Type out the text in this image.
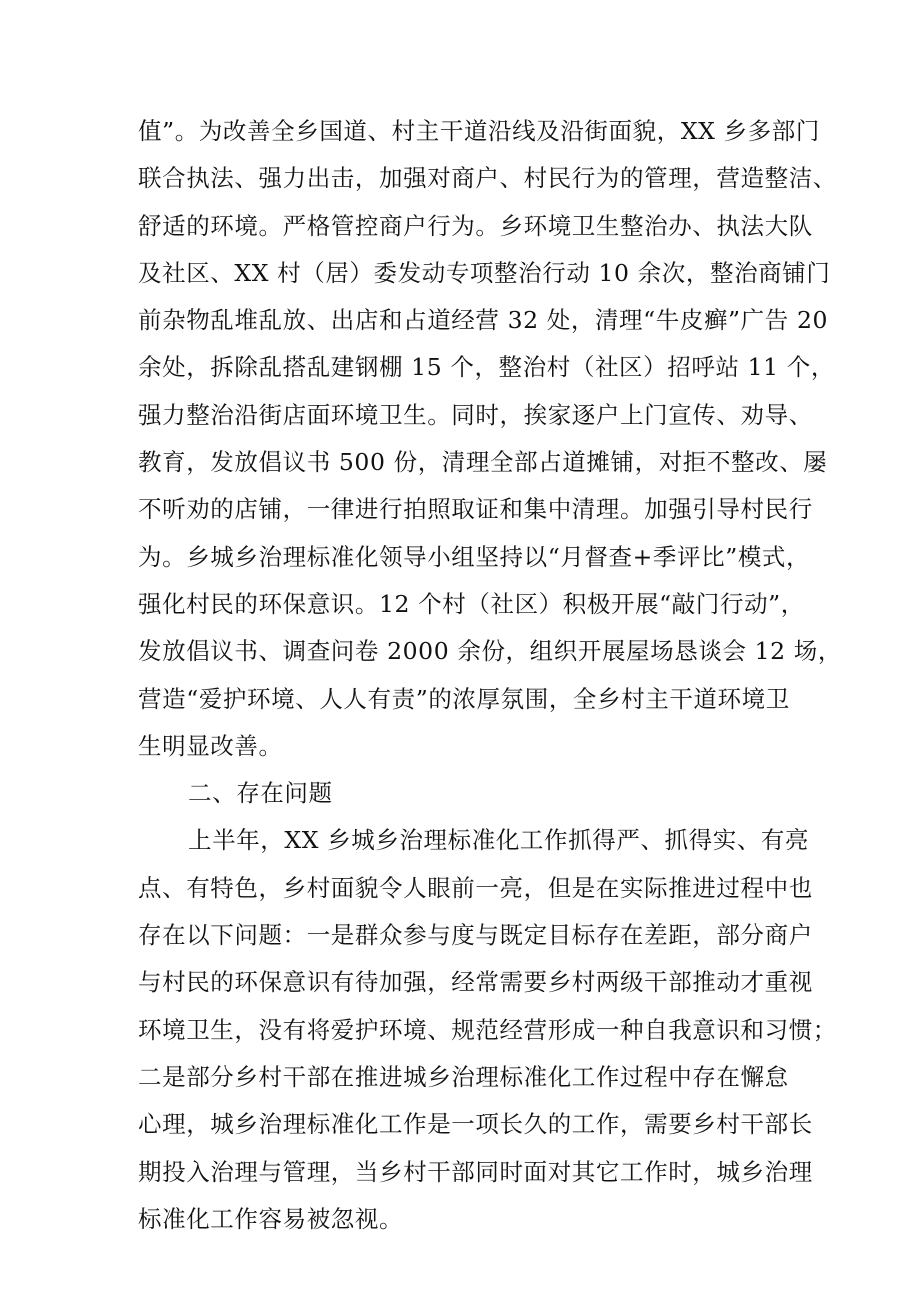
值”。为改善全乡国道、村主干道沿线及沿街面貌，XX 乡多部门
联合执法、强力出击，加强对商户、村民行为的管理，营造整洁、
舒适的环境。严格管控商户行为。乡环境卫生整治办、执法大队
及社区、XX 村（居）委发动专项整治行动 10 余次，整治商铺门
前杂物乱堆乱放、出店和占道经营 32 处，清理“牛皮癣”广告 20
余处，拆除乱搭乱建钢棚 15 个，整治村（社区）招呼站 11 个，
强力整治沿街店面环境卫生。同时，挨家逐户上门宣传、劝导、
教育，发放倡议书 500 份，清理全部占道摊铺，对拒不整改、屡
不听劝的店铺，一律进行拍照取证和集中清理。加强引导村民行
为。乡城乡治理标准化领导小组坚持以“月督查+季评比”模式，
强化村民的环保意识。12 个村（社区）积极开展“敲门行动”，
发放倡议书、调查问卷 2000 余份，组织开展屋场恳谈会 12 场，
营造“爱护环境、人人有责”的浓厚氛围，全乡村主干道环境卫
生明显改善。
二、存在问题
上半年，XX 乡城乡治理标准化工作抓得严、抓得实、有亮
点、有特色，乡村面貌令人眼前一亮，但是在实际推进过程中也
存在以下问题：一是群众参与度与既定目标存在差距，部分商户
与村民的环保意识有待加强，经常需要乡村两级干部推动才重视
环境卫生，没有将爱护环境、规范经营形成一种自我意识和习惯；
二是部分乡村干部在推进城乡治理标准化工作过程中存在懈怠
心理，城乡治理标准化工作是一项长久的工作，需要乡村干部长
期投入治理与管理，当乡村干部同时面对其它工作时，城乡治理
标准化工作容易被忽视。
